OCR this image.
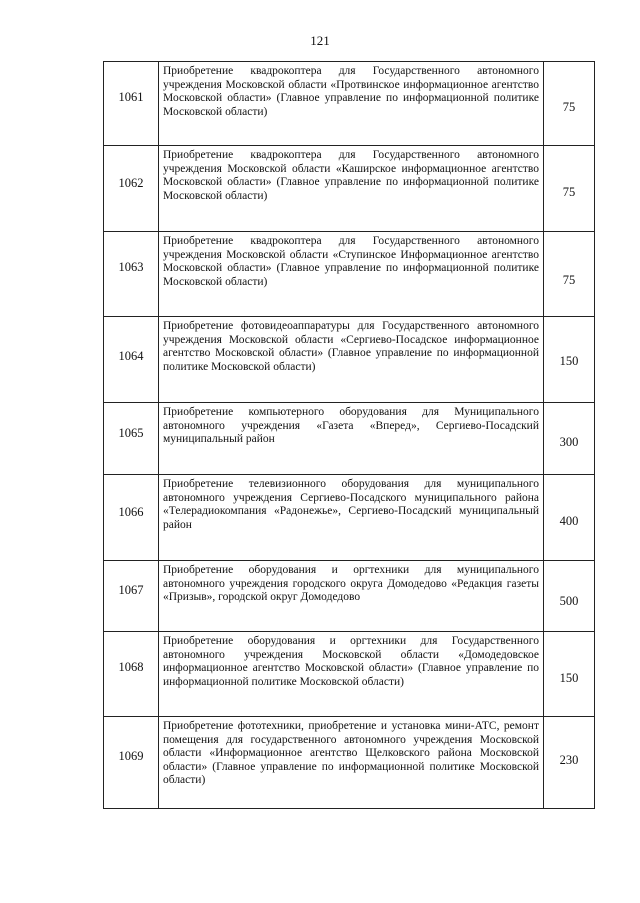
121
1061	Приобретение квадрокоптера для Государственного автономного учреждения Московской области «Протвинское информационное агентство Московской области» (Главное управление по информационной политике Московской области)	75
1062	Приобретение квадрокоптера для Государственного автономного учреждения Московской области «Каширское информационное агентство Московской области» (Главное управление по информационной политике Московской области)	75
1063	Приобретение квадрокоптера для Государственного автономного учреждения Московской области «Ступинское Информационное агентство Московской области» (Главное управление по информационной политике Московской области)	75
1064	Приобретение фотовидеоаппаратуры для Государственного автономного учреждения Московской области «Сергиево-Посадское информационное агентство Московской области» (Главное управление по информационной политике Московской области)	150
1065	Приобретение компьютерного оборудования для Муниципального автономного учреждения «Газета «Вперед», Сергиево-Посадский муниципальный район	300
1066	Приобретение телевизионного оборудования для муниципального автономного учреждения Сергиево-Посадского муниципального района «Телерадиокомпания «Радонежье», Сергиево-Посадский муниципальный район	400
1067	Приобретение оборудования и оргтехники для муниципального автономного учреждения городского округа Домодедово «Редакция газеты «Призыв», городской округ Домодедово	500
1068	Приобретение оборудования и оргтехники для Государственного автономного учреждения Московской области «Домодедовское информационное агентство Московской области» (Главное управление по информационной политике Московской области)	150
1069	Приобретение фототехники, приобретение и установка мини-АТС, ремонт помещения для государственного автономного учреждения Московской области «Информационное агентство Щелковского района Московской области» (Главное управление по информационной политике Московской области)	230
